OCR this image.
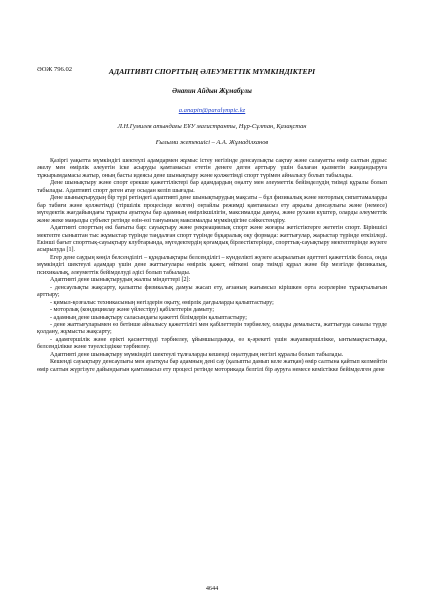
ӘОЖ 796.02	АДАПТИВТІ СПОРТТЫҢ ӘЛЕУМЕТТІК МҮМКІНДІКТЕРІ
Әнапин Айдын Жұмабұлы
a.anapin@paralympic.kz
Л.Н.Гумилев атындағы ЕҰУ магистранты, Нұр-Сұлтан, Қазақстан
Ғылыми жетекшісі – А.А. Жұмаділханов

Қазіргі уақытта мүмкіндігі шектеулі адамдармен жұмыс істеу негізінде денсаулықты сақтау және салауатты өмір салтын дұрыс әкелу мен өмірлік әлеуетін іске асыруды қамтамасыз ететін денеге деген арттыру үшін балаған қызметін жандандыруға тұжырымдамасы жатыр, оның басты идеясы дене шынықтыру және қолжетімді спорт түрімен айналысу болып табылады.

Дене шынықтыру және спорт ерекше қажеттіліктері бар адамдардың оңалту мен әлеуметтік бейімделудің тиімді құралы болып табылады. Адаптивті спорт деген атау осыдан келіп шығады.

Дене шынықтырудың бір түрі ретіндегі адаптивті дене шынықтырудың мақсаты – бұл физикалық және моторлық сипаттамаларды бар табиғи және қолжетімді (тіршілік процесінде келген) оңтайлы режимді қамтамасыз ету арқылы денсаулығы және (немесе) мүгедектік жағдайындағы тұрақты ауытқуы бар адамның өмірлікшілігін, максималды дамуы, және рухани күштер, оларды әлеуметтік және жеке маңызды субъект ретінде өзін-өзі тануының максималды мүмкіндігіне сәйкестендіру.

Адаптивті спорттың екі бағыты бар: сауықтыру және рекреациялық спорт және жоғары жетістіктерге жететін спорт. Біріншісі мектепте сыныптан тыс жұмыстар түрінде таңдалған спорт түрінде бұқаралық оқу формада: жаттығулар, жарыстар түрінде өткізіледі. Екінші бағыт спорттық-сауықтыру клубтарында, мүгедектердің қоғамдық бірлестіктерінде, спорттық-сауықтыру мектептерінде жүзеге асырылуда [1].

Егер дене саудың көңіл белсенділігі – құндылықтары белсенділігі – күнделікті жүзеге асырылатын әдеттегі қажеттілік болса, онда мүмкіндігі шектеулі адамдар үшін дене жаттығулары өмірлік қажет, өйткені олар тиімді құрал және бір мезгілде физикалық, психикалық, әлеуметтік бейімделуді әдісі болып табылады.

Адаптивті дене шынықтырудың жалпы міндеттері [2]:

- денсаулықты жақсарту, қалыпты физикалық дамуы жасап ету, ағзаның жағымсыз кірішкен орта әсерлеріне тұрақтылығын арттыру;
- қимыл-қозғалыс техникасының негіздерін оқыту, өмірлік дағдыларды қалыптастыру;
- моторлық (кондициялау және үйлестіру) қабілеттерін дамыту;
- адамның дене шынықтыру саласындағы қажетті білімдерін қалыптастыру;
- дене жаттығуларымен өз бетінше айналысу қажеттілігі мен қабілеттерін тәрбиелеу, оларды демалыста, жаттығуда саналы түрде қолдану, жұмысты жақсарту;
- адамгершілік және ерікті қасиеттерді тәрбиелеу, ұйымшылдыққа, өз қ-әрекеті үшін жауапкершілікке, ынтымақтастыққа, белсенділікке және тәуелсіздікке тәрбиелеу.

Адаптивті дене шынықтыру мүмкіндігі шектеулі тұлғаларды кешенді оңалтудың негізгі құралы болып табылады.

Кешенді сауықтыру денсаулығы мен ауытқуы бар адамның дені сау (қалыпты дамып келе жатқан) өмір салтына қайтып келмейтін өмір салтын жүргізуге дайындығын қамтамасыз ету процесі ретінде моторикада белгілі бір ауруға немесе кемістікке бейімделген дене

4644
